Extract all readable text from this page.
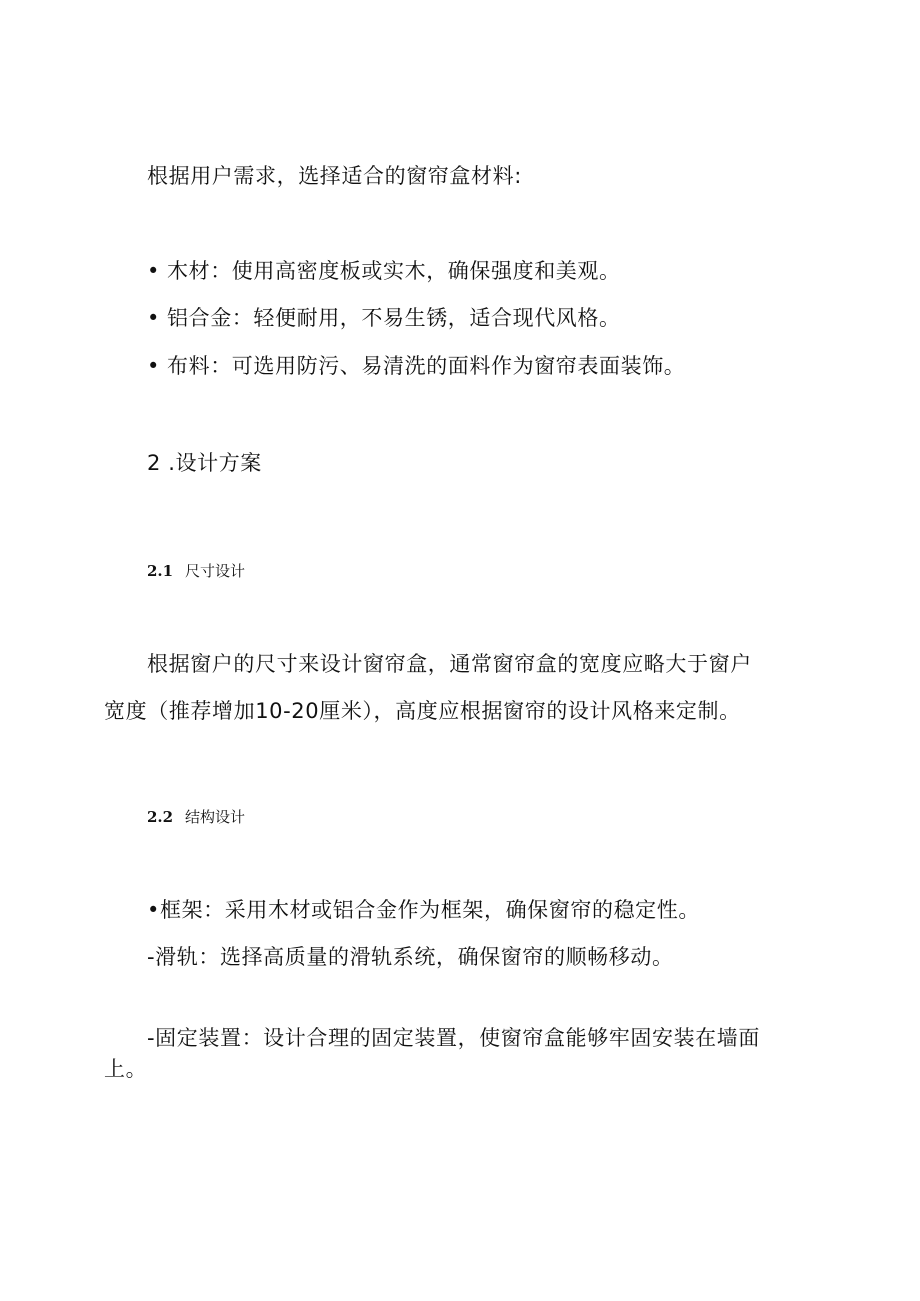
根据用户需求，选择适合的窗帘盒材料:
• 木材：使用高密度板或实木，确保强度和美观。
• 铝合金：轻便耐用，不易生锈，适合现代风格。
• 布料：可选用防污、易清洗的面料作为窗帘表面装饰。
2 .设计方案
2.1 尺寸设计
根据窗户的尺寸来设计窗帘盒，通常窗帘盒的宽度应略大于窗户
宽度（推荐增加10-20厘米），高度应根据窗帘的设计风格来定制。
2.2 结构设计
•框架：采用木材或铝合金作为框架，确保窗帘的稳定性。
-滑轨：选择高质量的滑轨系统，确保窗帘的顺畅移动。
-固定装置：设计合理的固定装置，使窗帘盒能够牢固安装在墙面
上。
